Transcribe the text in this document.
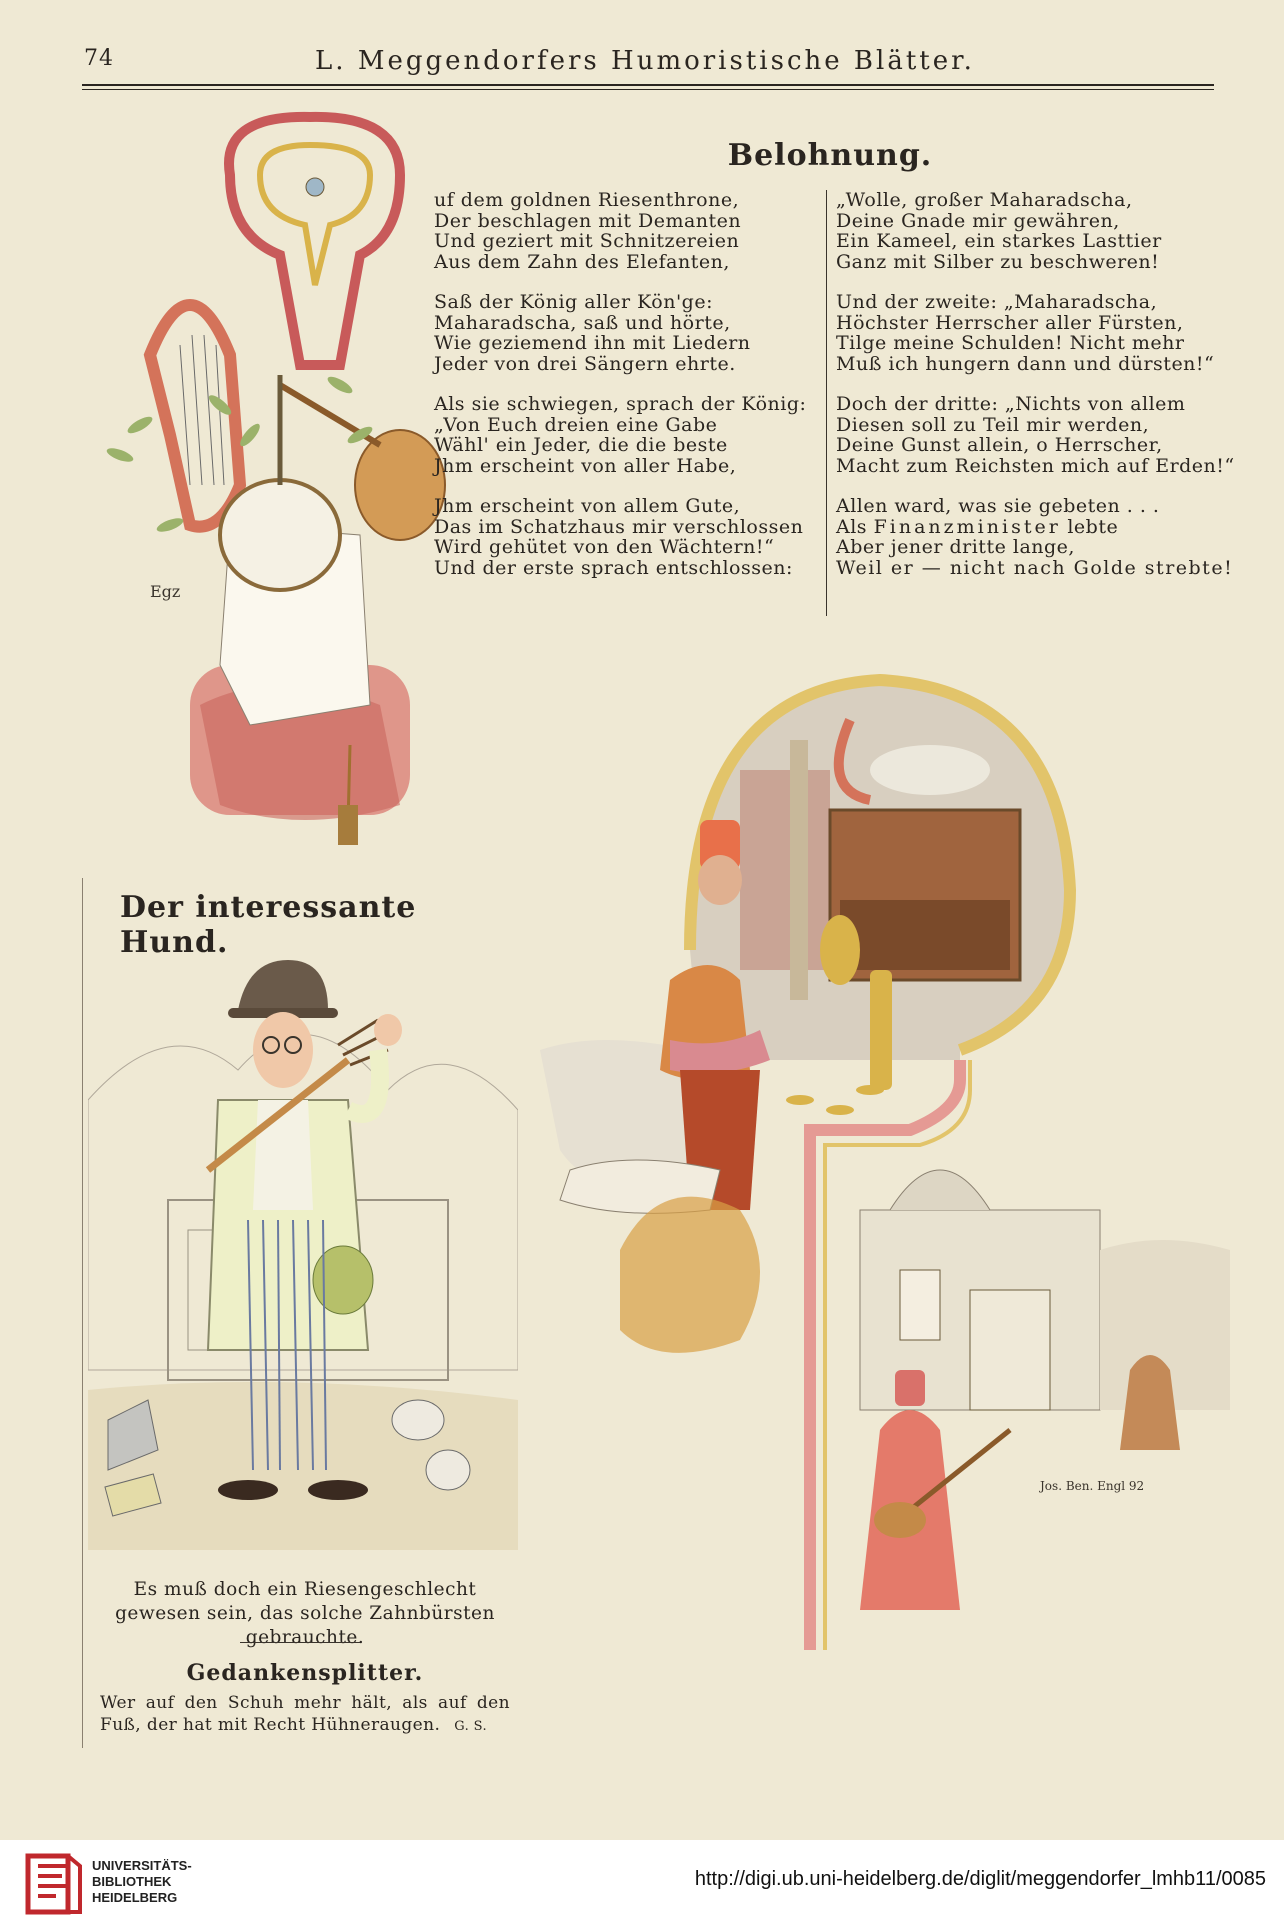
74	L. Meggendorfers Humoristische Blätter.
Egz
Belohnung.
uf dem goldnen Riesenthrone,
Der beschlagen mit Demanten
Und geziert mit Schnitzereien
Aus dem Zahn des Elefanten,
Saß der König aller Kön'ge:
Maharadscha, saß und hörte,
Wie geziemend ihn mit Liedern
Jeder von drei Sängern ehrte.
Als sie schwiegen, sprach der König:
„Von Euch dreien eine Gabe
Wähl' ein Jeder, die die beste
Jhm erscheint von aller Habe,
Jhm erscheint von allem Gute,
Das im Schatzhaus mir verschlossen
Wird gehütet von den Wächtern!“
Und der erste sprach entschlossen:
„Wolle, großer Maharadscha,
Deine Gnade mir gewähren,
Ein Kameel, ein starkes Lasttier
Ganz mit Silber zu beschweren!
Und der zweite: „Maharadscha,
Höchster Herrscher aller Fürsten,
Tilge meine Schulden! Nicht mehr
Muß ich hungern dann und dürsten!“
Doch der dritte: „Nichts von allem
Diesen soll zu Teil mir werden,
Deine Gunst allein, o Herrscher,
Macht zum Reichsten mich auf Erden!“
Allen ward, was sie gebeten . . .
Als Finanzminister lebte
Aber jener dritte lange,
Weil er — nicht nach Golde strebte!
Jos. Ben. Engl 92
Der interessante Hund.
Es muß doch ein Riesengeschlecht gewesen sein, das solche Zahnbürsten gebrauchte.
Gedankensplitter.
Wer auf den Schuh mehr hält, als auf den Fuß, der hat mit Recht Hühneraugen. G. S.
UNIVERSITÄTS-
BIBLIOTHEK
HEIDELBERG
http://digi.ub.uni-heidelberg.de/diglit/meggendorfer_lmhb11/0085
